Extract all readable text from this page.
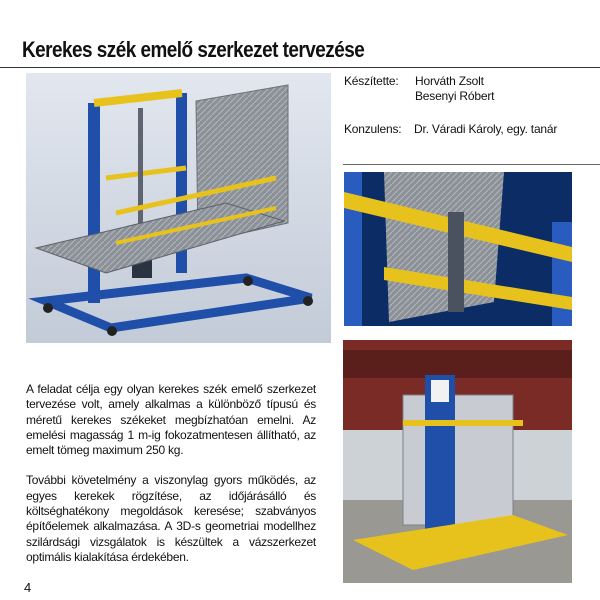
Kerekes szék emelő szerkezet tervezése
Készítette:	Horváth Zsolt
Besenyi Róbert
Konzulens:	Dr. Váradi Károly, egy. tanár

A feladat célja egy olyan kerekes szék emelő szerkezet tervezése volt, amely alkalmas a különböző típusú és méretű kerekes székeket megbízhatóan emelni. Az emelési magasság 1 m-ig fokozatmentesen állítható, az emelt tömeg maximum 250 kg.

További követelmény a viszonylag gyors működés, az egyes kerekek rögzítése, az időjárásálló és költséghatékony megoldások keresése; szabványos építőelemek alkalmazása. A 3D-s geometriai modellhez szilárdsági vizsgálatok is készültek a vázszerkezet optimális kialakítása érdekében.

4
